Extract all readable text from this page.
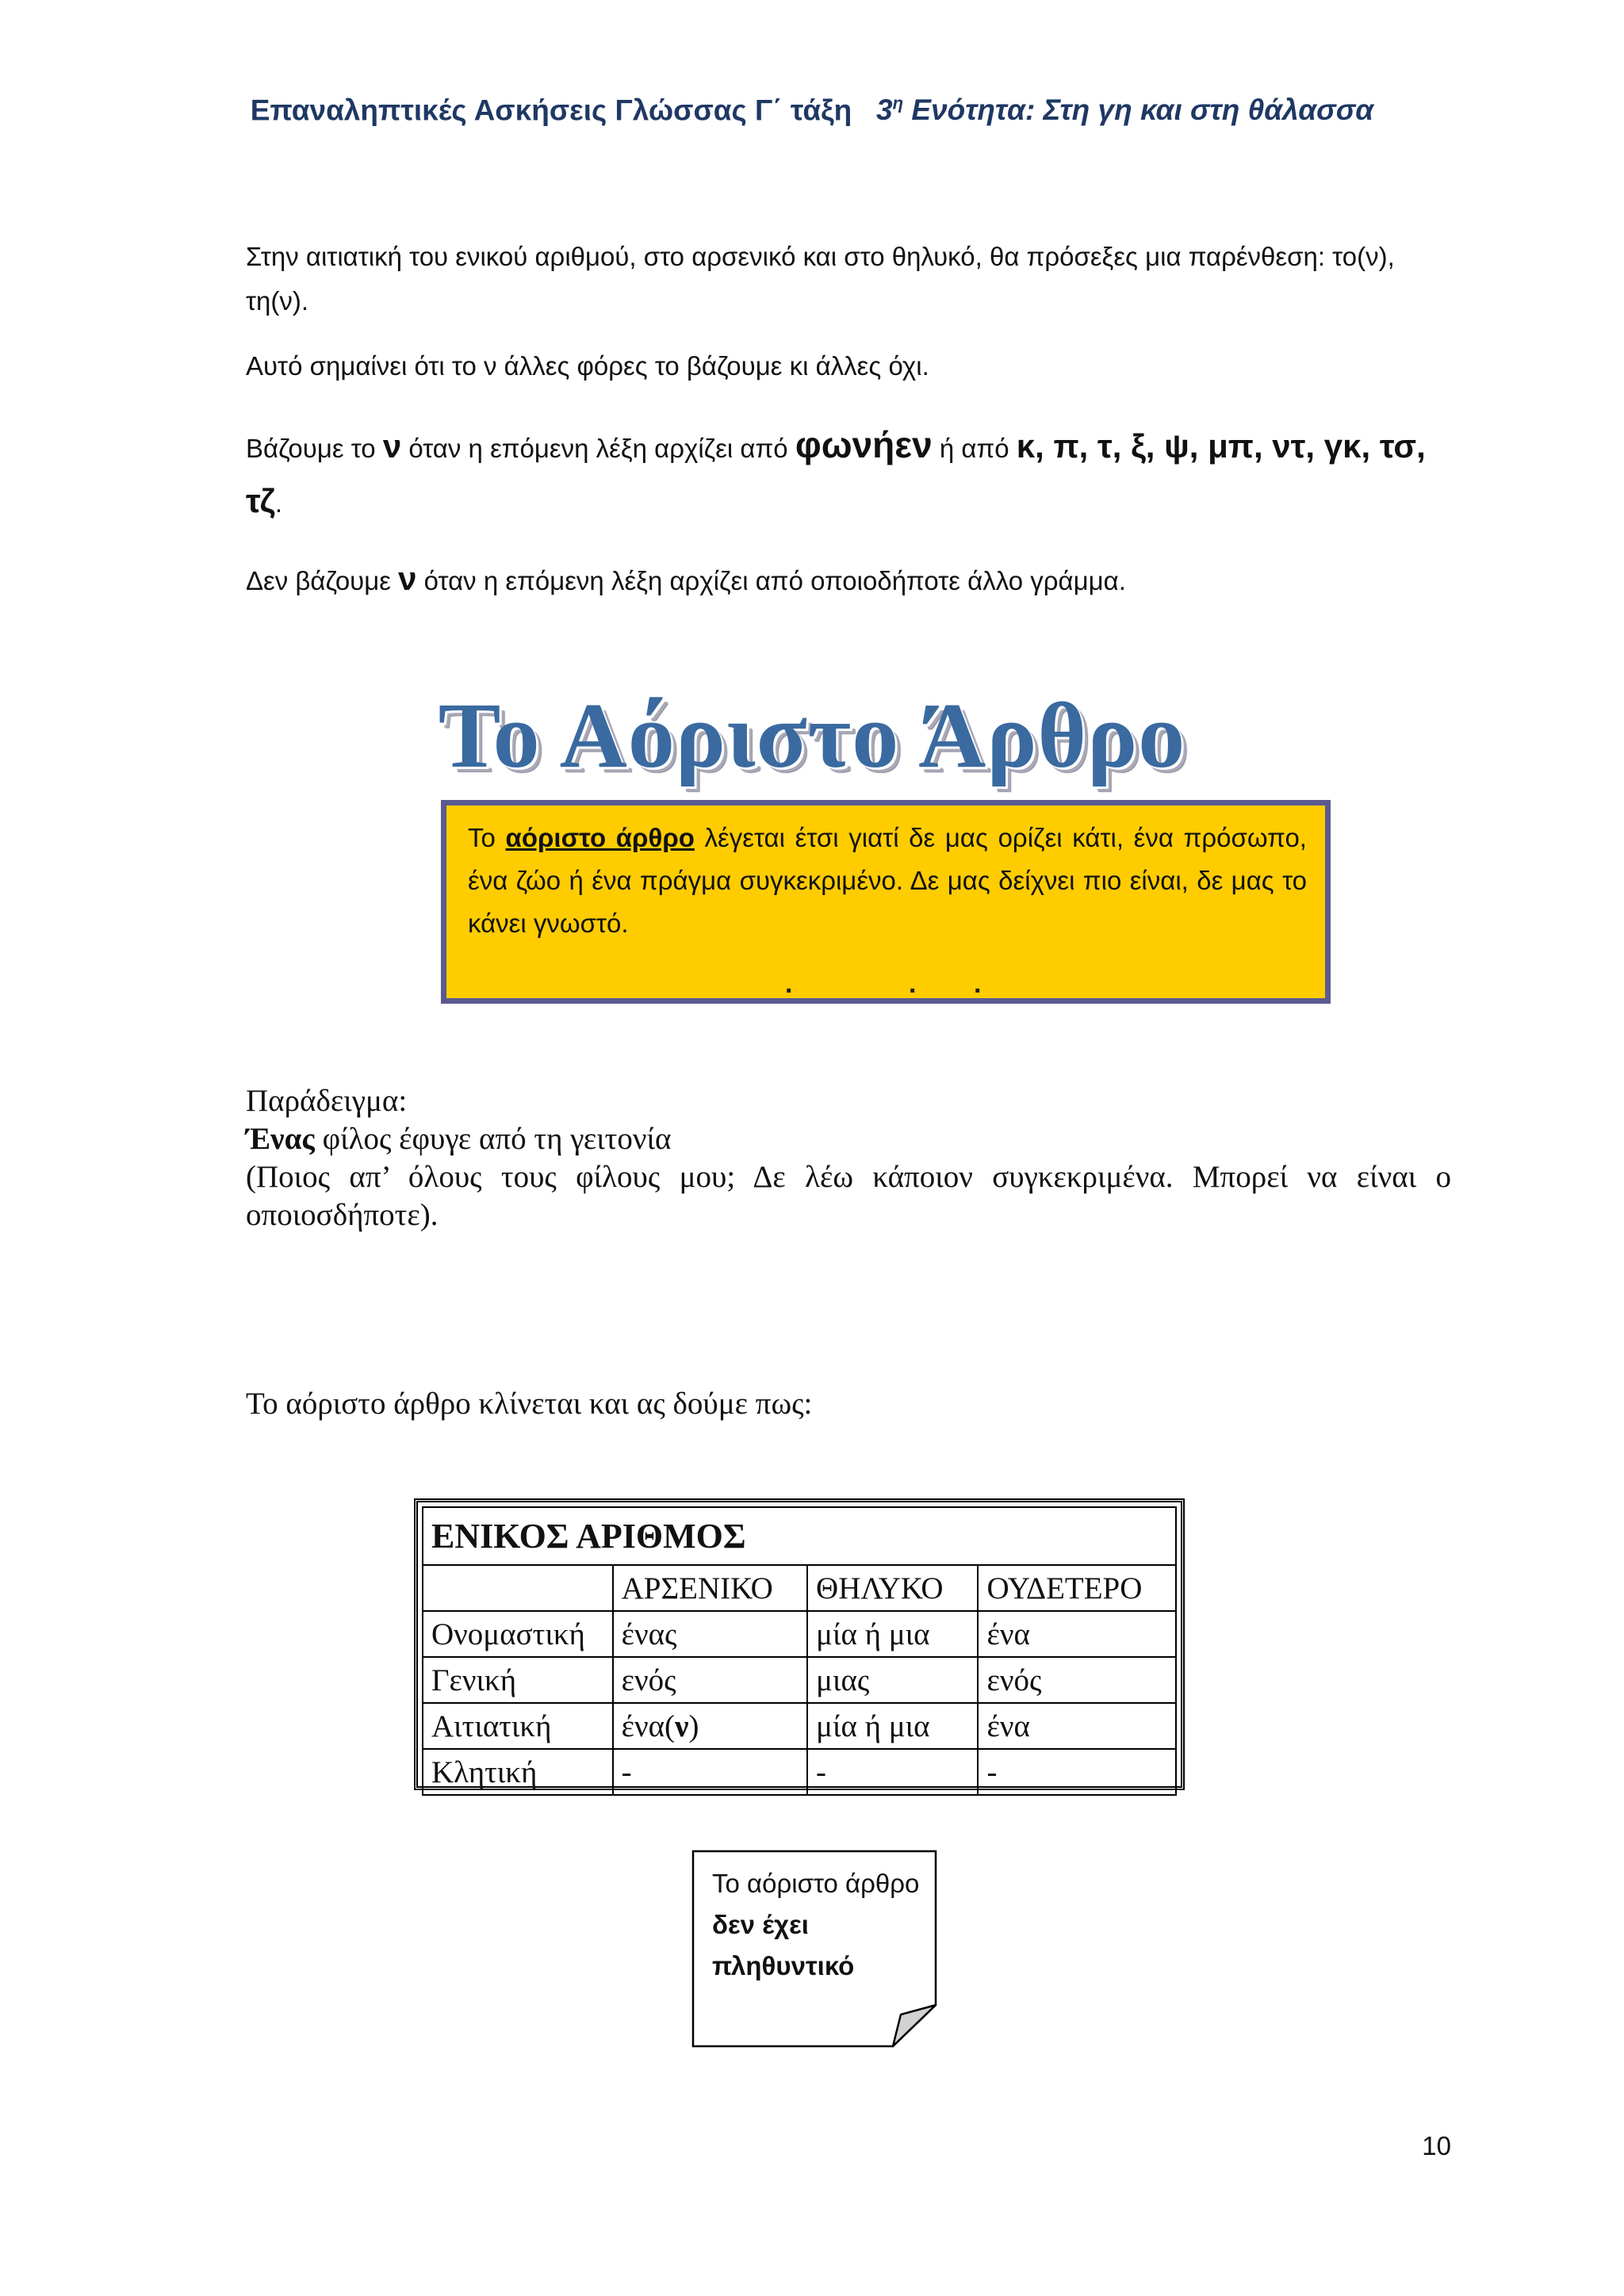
Επαναληπτικές Ασκήσεις Γλώσσας Γ΄ τάξη $3^\eta$ Ενότητα: Στη γη και στη θάλασσα
Στην αιτιατική του ενικού αριθμού, στο αρσενικό και στο θηλυκό, θα πρόσεξες μια παρένθεση: το(ν), τη(ν).
Αυτό σημαίνει ότι το ν άλλες φόρες το βάζουμε κι άλλες όχι.
Βάζουμε το ν όταν η επόμενη λέξη αρχίζει από φωνήεν ή από κ, π, τ, ξ, ψ, μπ, ντ, γκ, τσ, τζ.
Δεν βάζουμε ν όταν η επόμενη λέξη αρχίζει από οποιοδήποτε άλλο γράμμα.
Το Αόριστο Άρθρο
Το αόριστο άρθρο λέγεται έτσι γιατί δε μας ορίζει κάτι, ένα πρόσωπο, ένα ζώο ή ένα πράγμα συγκεκριμένο. Δε μας δείχνει πιο είναι, δε μας το κάνει γνωστό.
.	. .
Παράδειγμα:
Ένας φίλος έφυγε από τη γειτονία
(Ποιος απ’ όλους τους φίλους μου; Δε λέω κάποιον συγκεκριμένα. Μπορεί να είναι ο οποιοσδήποτε).
Το αόριστο άρθρο κλίνεται και ας δούμε πως:
ΕΝΙΚΟΣ ΑΡΙΘΜΟΣ			
	ΑΡΣΕΝΙΚΟ	ΘΗΛΥΚΟ	ΟΥΔΕΤΕΡΟ
Ονομαστική	ένας	μία ή μια	ένα
Γενική	ενός	μιας	ενός
Αιτιατική	ένα(ν)	μία ή μια	ένα
Κλητική	-	-	-
Το αόριστο άρθρο δεν έχει πληθυντικό
10
